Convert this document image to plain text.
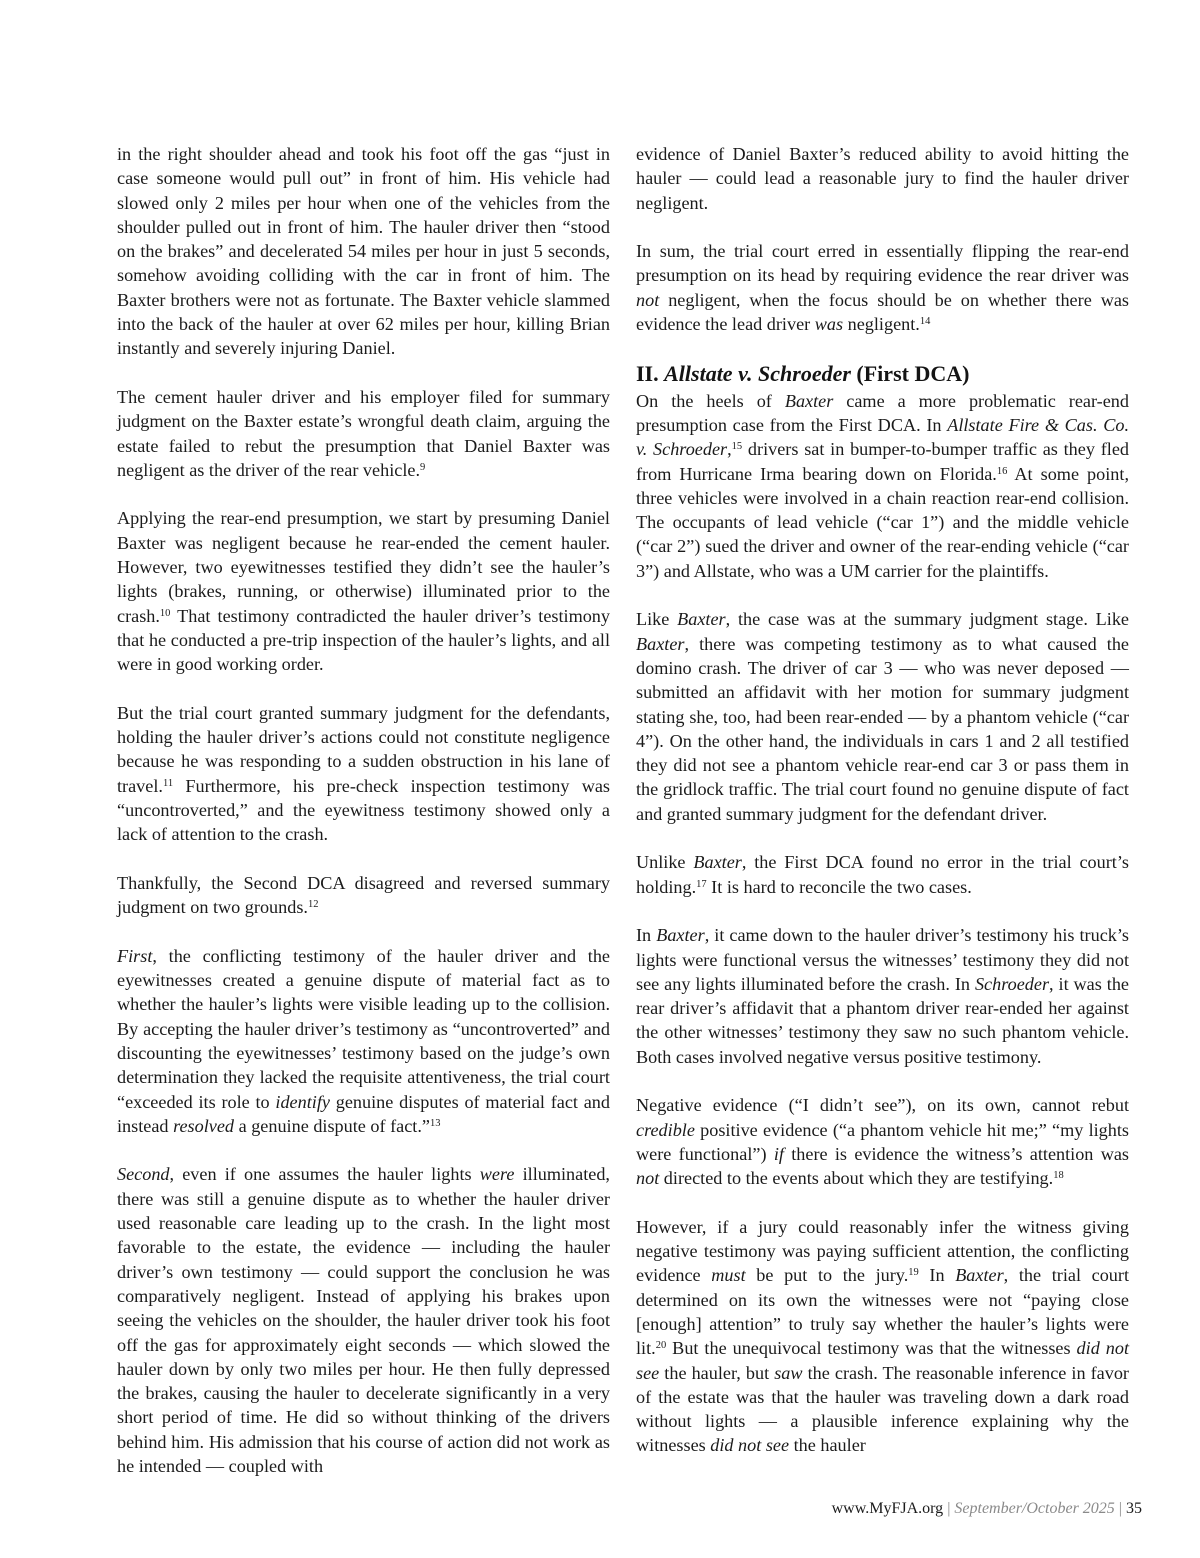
in the right shoulder ahead and took his foot off the gas “just in case someone would pull out” in front of him. His vehicle had slowed only 2 miles per hour when one of the vehicles from the shoulder pulled out in front of him. The hauler driver then “stood on the brakes” and decelerated 54 miles per hour in just 5 seconds, somehow avoiding colliding with the car in front of him. The Baxter brothers were not as fortunate. The Baxter vehicle slammed into the back of the hauler at over 62 miles per hour, killing Brian instantly and severely injuring Daniel.

The cement hauler driver and his employer filed for summary judgment on the Baxter estate’s wrongful death claim, arguing the estate failed to rebut the presumption that Daniel Baxter was negligent as the driver of the rear vehicle.$^9$

Applying the rear-end presumption, we start by presuming Daniel Baxter was negligent because he rear-ended the cement hauler. However, two eyewitnesses testified they didn’t see the hauler’s lights (brakes, running, or otherwise) illuminated prior to the crash.$^{10}$ That testimony contradicted the hauler driver’s testimony that he conducted a pre-trip inspection of the hauler’s lights, and all were in good working order.

But the trial court granted summary judgment for the defendants, holding the hauler driver’s actions could not constitute negligence because he was responding to a sudden obstruction in his lane of travel.$^{11}$ Furthermore, his pre-check inspection testimony was “uncontroverted,” and the eyewitness testimony showed only a lack of attention to the crash.

Thankfully, the Second DCA disagreed and reversed summary judgment on two grounds.$^{12}$

First, the conflicting testimony of the hauler driver and the eyewitnesses created a genuine dispute of material fact as to whether the hauler’s lights were visible leading up to the collision. By accepting the hauler driver’s testimony as “uncontroverted” and discounting the eyewitnesses’ testimony based on the judge’s own determination they lacked the requisite attentiveness, the trial court “exceeded its role to identify genuine disputes of material fact and instead resolved a genuine dispute of fact.”$^{13}$

Second, even if one assumes the hauler lights were illuminated, there was still a genuine dispute as to whether the hauler driver used reasonable care leading up to the crash. In the light most favorable to the estate, the evidence — including the hauler driver’s own testimony — could support the conclusion he was comparatively negligent. Instead of applying his brakes upon seeing the vehicles on the shoulder, the hauler driver took his foot off the gas for approximately eight seconds — which slowed the hauler down by only two miles per hour. He then fully depressed the brakes, causing the hauler to decelerate significantly in a very short period of time. He did so without thinking of the drivers behind him. His admission that his course of action did not work as he intended — coupled with

evidence of Daniel Baxter’s reduced ability to avoid hitting the hauler — could lead a reasonable jury to find the hauler driver negligent.

In sum, the trial court erred in essentially flipping the rear-end presumption on its head by requiring evidence the rear driver was not negligent, when the focus should be on whether there was evidence the lead driver was negligent.$^{14}$

II. Allstate v. Schroeder (First DCA)

On the heels of Baxter came a more problematic rear-end presumption case from the First DCA. In Allstate Fire & Cas. Co. v. Schroeder,$^{15}$ drivers sat in bumper-to-bumper traffic as they fled from Hurricane Irma bearing down on Florida.$^{16}$ At some point, three vehicles were involved in a chain reaction rear-end collision. The occupants of lead vehicle (“car 1”) and the middle vehicle (“car 2”) sued the driver and owner of the rear-ending vehicle (“car 3”) and Allstate, who was a UM carrier for the plaintiffs.

Like Baxter, the case was at the summary judgment stage. Like Baxter, there was competing testimony as to what caused the domino crash. The driver of car 3 — who was never deposed — submitted an affidavit with her motion for summary judgment stating she, too, had been rear-ended — by a phantom vehicle (“car 4”). On the other hand, the individuals in cars 1 and 2 all testified they did not see a phantom vehicle rear-end car 3 or pass them in the gridlock traffic. The trial court found no genuine dispute of fact and granted summary judgment for the defendant driver.

Unlike Baxter, the First DCA found no error in the trial court’s holding.$^{17}$ It is hard to reconcile the two cases.

In Baxter, it came down to the hauler driver’s testimony his truck’s lights were functional versus the witnesses’ testimony they did not see any lights illuminated before the crash. In Schroeder, it was the rear driver’s affidavit that a phantom driver rear-ended her against the other witnesses’ testimony they saw no such phantom vehicle. Both cases involved negative versus positive testimony.

Negative evidence (“I didn’t see”), on its own, cannot rebut credible positive evidence (“a phantom vehicle hit me;” “my lights were functional”) if there is evidence the witness’s attention was not directed to the events about which they are testifying.$^{18}$

However, if a jury could reasonably infer the witness giving negative testimony was paying sufficient attention, the conflicting evidence must be put to the jury.$^{19}$ In Baxter, the trial court determined on its own the witnesses were not “paying close [enough] attention” to truly say whether the hauler’s lights were lit.$^{20}$ But the unequivocal testimony was that the witnesses did not see the hauler, but saw the crash. The reasonable inference in favor of the estate was that the hauler was traveling down a dark road without lights — a plausible inference explaining why the witnesses did not see the hauler

www.MyFJA.org | September/October 2025 | 35
